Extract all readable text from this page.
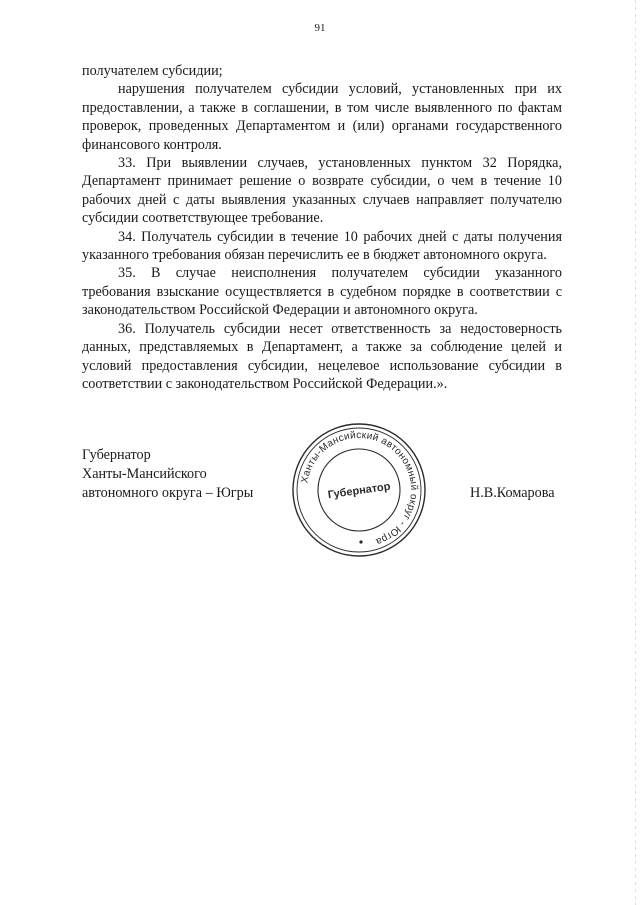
91

получателем субсидии;

нарушения получателем субсидии условий, установленных при их предоставлении, а также в соглашении, в том числе выявленного по фактам проверок, проведенных Департаментом и (или) органами государственного финансового контроля.

33. При выявлении случаев, установленных пунктом 32 Порядка, Департамент принимает решение о возврате субсидии, о чем в течение 10 рабочих дней с даты выявления указанных случаев направляет получателю субсидии соответствующее требование.

34. Получатель субсидии в течение 10 рабочих дней с даты получения указанного требования обязан перечислить ее в бюджет автономного округа.

35. В случае неисполнения получателем субсидии указанного требования взыскание осуществляется в судебном порядке в соответствии с законодательством Российской Федерации и автономного округа.

36. Получатель субсидии несет ответственность за недостоверность данных, представляемых в Департамент, а также за соблюдение целей и условий предоставления субсидии, нецелевое использование субсидии в соответствии с законодательством Российской Федерации.».

Губернатор
Ханты-Мансийского
автономного округа – Югры
Ханты-Мансийский автономный округ - Югра
Губернатор	Н.В.Комарова
